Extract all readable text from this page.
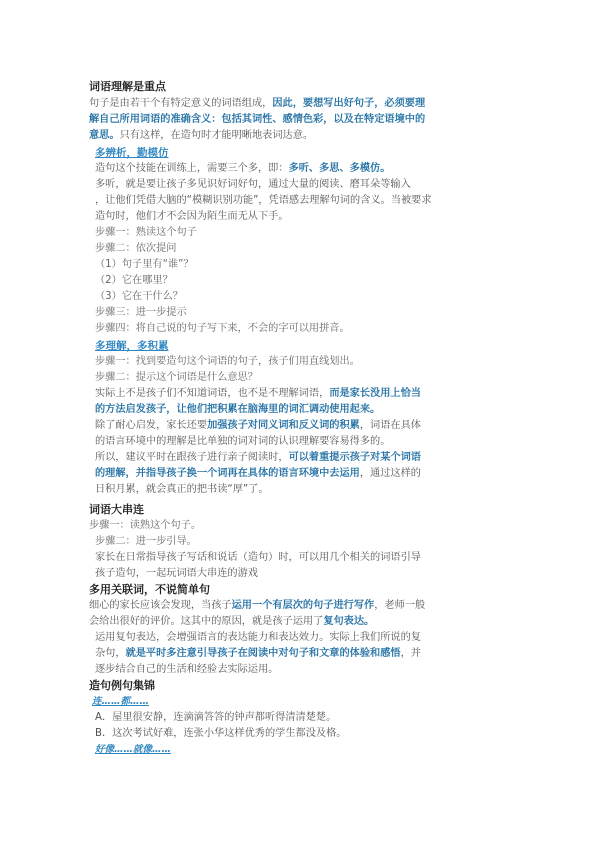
词语理解是重点
句子是由若干个有特定意义的词语组成，因此，要想写出好句子，必须要理
解自己所用词语的准确含义：包括其词性、感情色彩，以及在特定语境中的
意思。只有这样，在造句时才能明晰地表词达意。
多辨析，勤模仿
造句这个技能在训练上，需要三个多，即：多听、多思、多模仿。
多听，就是要让孩子多见识好词好句，通过大量的阅读、磨耳朵等输入
，让他们凭借大脑的“模糊识别功能”，凭语感去理解句词的含义。当被要求
造句时，他们才不会因为陌生而无从下手。
步骤一：熟读这个句子
步骤二：依次提问
（1）句子里有“谁”？
（2）它在哪里？
（3）它在干什么？
步骤三：进一步提示
步骤四：将自己说的句子写下来，不会的字可以用拼音。
多理解，多积累
步骤一：找到要造句这个词语的句子，孩子们用直线划出。
步骤二：提示这个词语是什么意思？
实际上不是孩子们不知道词语，也不是不理解词语，而是家长没用上恰当
的方法启发孩子，让他们把积累在脑海里的词汇调动使用起来。
除了耐心启发，家长还要加强孩子对同义词和反义词的积累，词语在具体
的语言环境中的理解是比单独的词对词的认识理解要容易得多的。
所以，建议平时在跟孩子进行亲子阅读时，可以着重提示孩子对某个词语
的理解，并指导孩子换一个词再在具体的语言环境中去运用，通过这样的
日积月累，就会真正的把书读“厚”了。
词语大串连
步骤一：读熟这个句子。
步骤二：进一步引导。
家长在日常指导孩子写话和说话（造句）时，可以用几个相关的词语引导
孩子造句，一起玩词语大串连的游戏
多用关联词，不说简单句
细心的家长应该会发现，当孩子运用一个有层次的句子进行写作，老师一般
会给出很好的评价。这其中的原因，就是孩子运用了复句表达。
运用复句表达，会增强语言的表达能力和表达效力。实际上我们所说的复
杂句，就是平时多注意引导孩子在阅读中对句子和文章的体验和感悟，并
逐步结合自己的生活和经验去实际运用。
造句例句集锦
连……都……
A．屋里很安静，连滴滴答答的钟声都听得清清楚楚。
B．这次考试好难，连张小华这样优秀的学生都没及格。
好像……就像……
